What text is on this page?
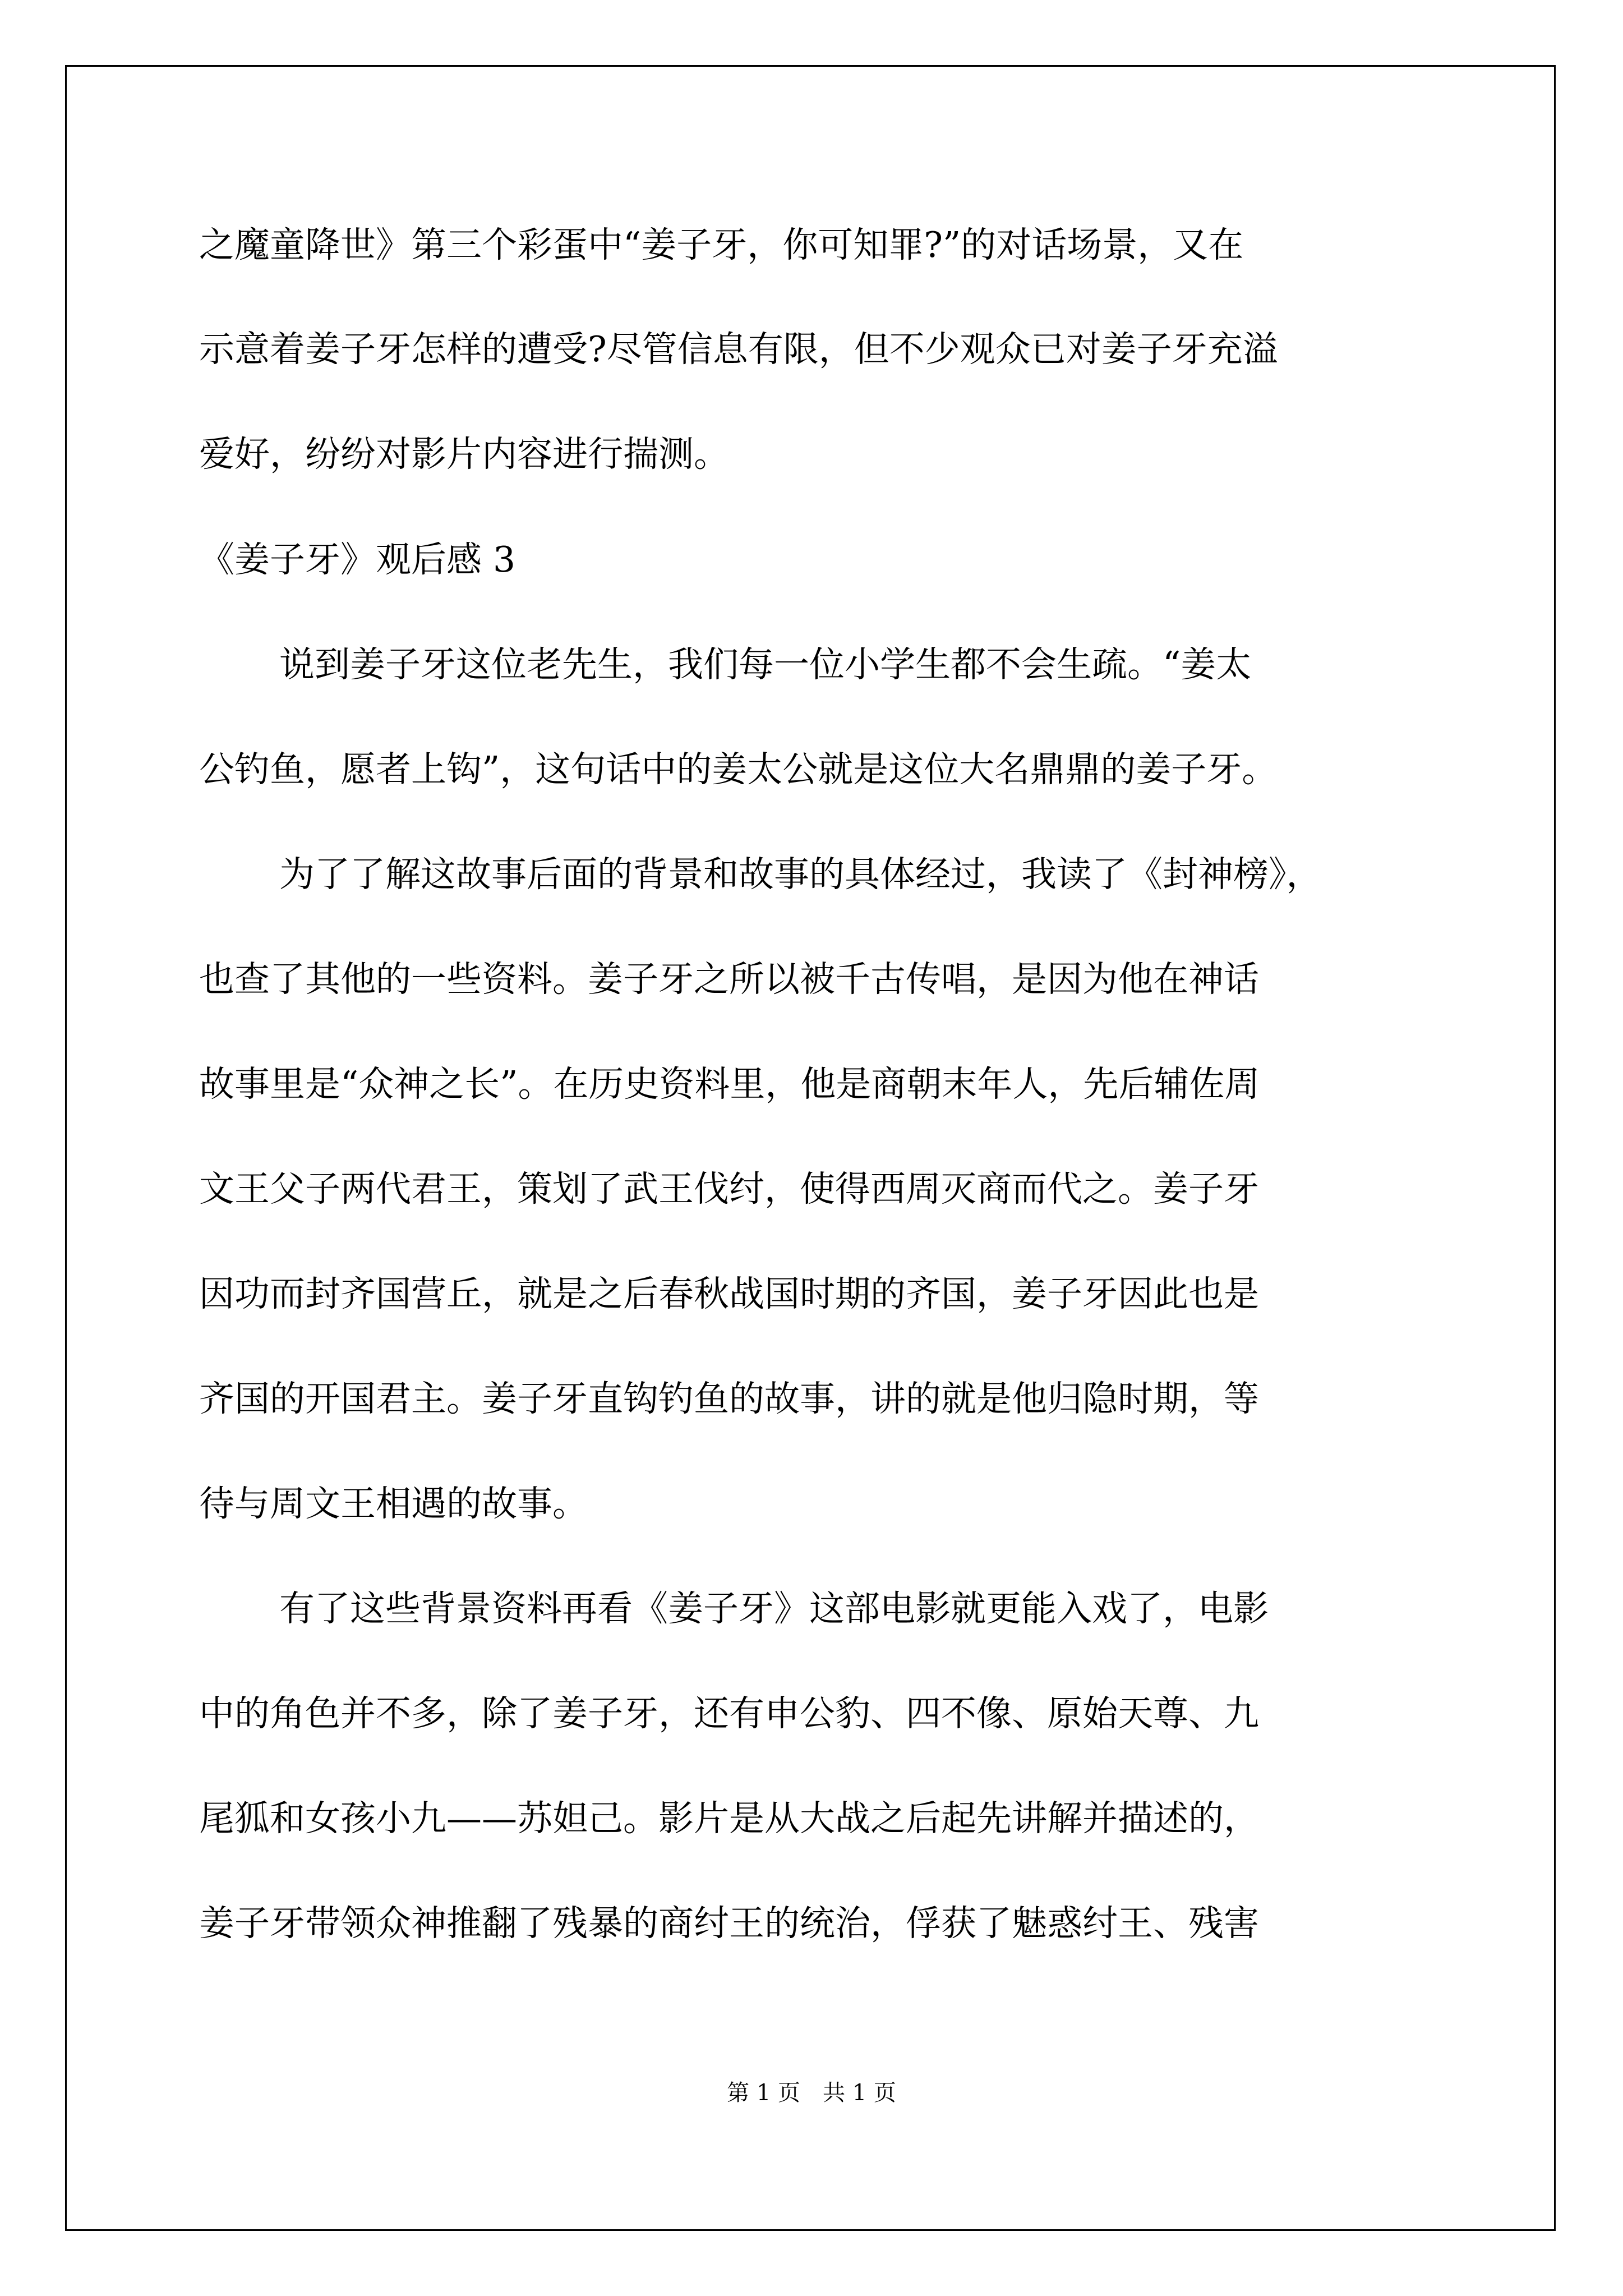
之魔童降世》第三个彩蛋中“姜子牙，你可知罪?”的对话场景，又在

示意着姜子牙怎样的遭受?尽管信息有限，但不少观众已对姜子牙充溢

爱好，纷纷对影片内容进行揣测。

《姜子牙》观后感 3

说到姜子牙这位老先生，我们每一位小学生都不会生疏。“姜太

公钓鱼，愿者上钩”，这句话中的姜太公就是这位大名鼎鼎的姜子牙。

为了了解这故事后面的背景和故事的具体经过，我读了《封神榜》，

也查了其他的一些资料。姜子牙之所以被千古传唱，是因为他在神话

故事里是“众神之长”。在历史资料里，他是商朝末年人，先后辅佐周

文王父子两代君王，策划了武王伐纣，使得西周灭商而代之。姜子牙

因功而封齐国营丘，就是之后春秋战国时期的齐国，姜子牙因此也是

齐国的开国君主。姜子牙直钩钓鱼的故事，讲的就是他归隐时期，等

待与周文王相遇的故事。

有了这些背景资料再看《姜子牙》这部电影就更能入戏了，电影

中的角色并不多，除了姜子牙，还有申公豹、四不像、原始天尊、九

尾狐和女孩小九——苏妲己。影片是从大战之后起先讲解并描述的，

姜子牙带领众神推翻了残暴的商纣王的统治，俘获了魅惑纣王、残害

第 1 页　共 1 页
